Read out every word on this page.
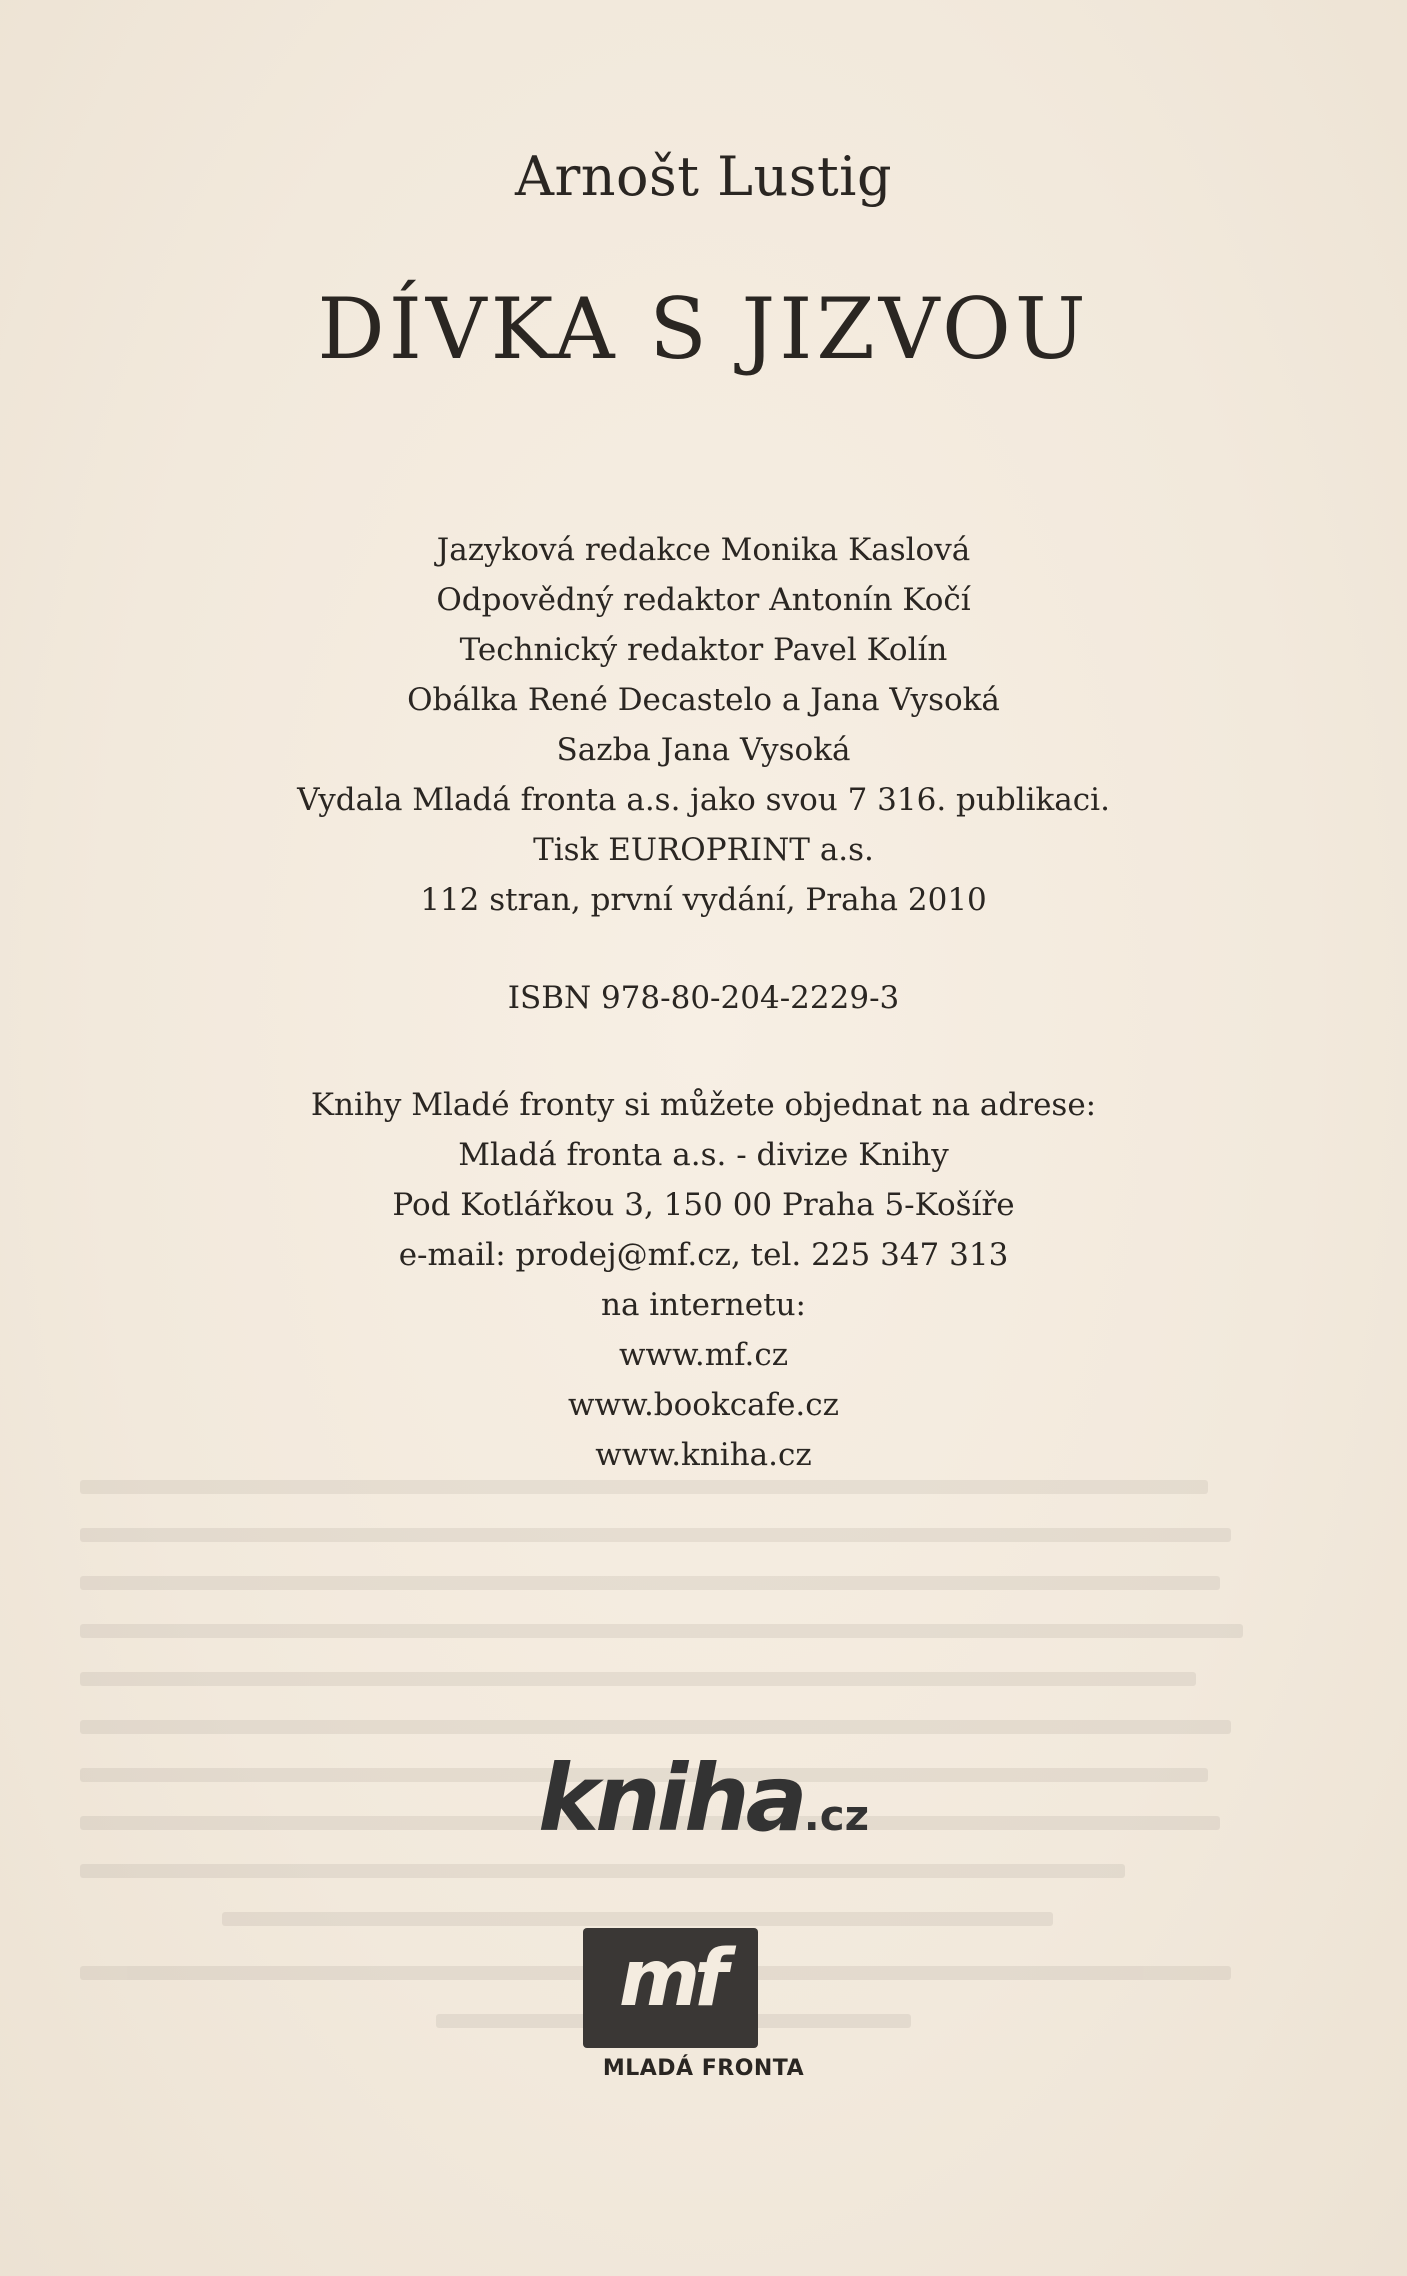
Arnošt Lustig
DÍVKA S JIZVOU
Jazyková redakce Monika Kaslová
Odpovědný redaktor Antonín Kočí
Technický redaktor Pavel Kolín
Obálka René Decastelo a Jana Vysoká
Sazba Jana Vysoká
Vydala Mladá fronta a.s. jako svou 7 316. publikaci.
Tisk EUROPRINT a.s.
112 stran, první vydání, Praha 2010
ISBN 978-80-204-2229-3
Knihy Mladé fronty si můžete objednat na adrese:
Mladá fronta a.s. - divize Knihy
Pod Kotlářkou 3, 150 00 Praha 5-Košíře
e-mail: prodej@mf.cz, tel. 225 347 313
na internetu:
www.mf.cz
www.bookcafe.cz
www.kniha.cz
kniha.cz
mf
MLADÁ FRONTA
